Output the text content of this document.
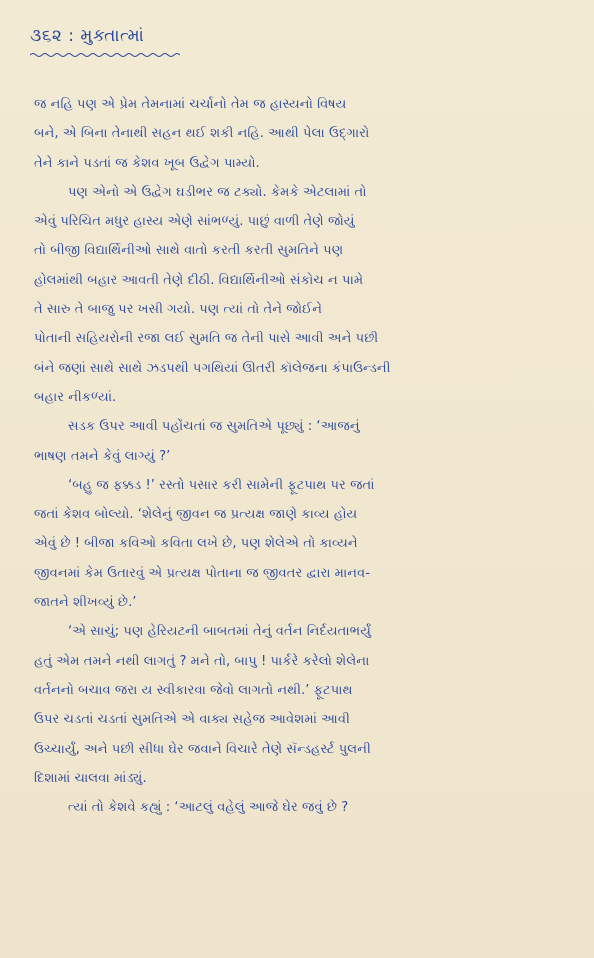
૩૬૨ : મુક્તાત્માં
જ નહિ પણ એ પ્રેમ તેમનામાં ચર્ચાનો તેમ જ હાસ્યનો વિષય
બને, એ બિના તેનાથી સહન થઈ શકી નહિ. આથી પેલા ઉદ્‌ગારો
તેને કાને પડતાં જ કેશવ ખૂબ ઉદ્વેગ પામ્યો.
પણ એનો એ ઉદ્વેગ ઘડીભર જ ટક્યો. કેમકે એટલામાં તો
એવું પરિચિત મધુર હાસ્ય એણે સાંભળ્યું. પાછું વાળી તેણે જોયું
તો બીજી વિદ્યાર્થિનીઓ સાથે વાતો કરતી કરતી સુમતિને પણ
હોલમાંથી બહાર આવતી તેણે દીઠી. વિદ્યાર્થિનીઓ સંકોચ ન પામે
તે સારુ તે બાજુ પર ખસી ગયો. પણ ત્યાં તો તેને જોઈને
પોતાની સહિયરોની રજા લઈ સુમતિ જ તેની પાસે આવી અને પછી
બંને જણાં સાથે સાથે ઝડપથી પગથિયાં ઊતરી કૉલેજના કંપાઉન્ડની
બહાર નીકળ્યાં.
સડક ઉપર આવી પહોંચતાં જ સુમતિએ પૂછ્યું : ‘આજનું
ભાષણ તમને કેવું લાગ્યું ?’
‘બહુ જ ફક્કડ !’ રસ્તો પસાર કરી સામેની ફૂટપાથ પર જતાં
જતાં કેશવ બોલ્યો. ‘શેલેનું જીવન જ પ્રત્યક્ષ જાણે કાવ્ય હોય
એવું છે ! બીજા કવિઓ કવિતા લખે છે, પણ શેલેએ તો કાવ્યને
જીવનમાં કેમ ઉતારવું એ પ્રત્યક્ષ પોતાના જ જીવતર દ્વારા માનવ-
જાતને શીખવ્યું છે.’
‘એ સાચું; પણ હેરિયટની બાબતમાં તેનું વર્તન નિર્દયતાભર્યું
હતું એમ તમને નથી લાગતું ? મને તો, બાપુ ! પાર્કરે કરેલો શેલેના
વર્તનનો બચાવ જરા ય સ્વીકારવા જેવો લાગતો નથી.’ ફૂટપાથ
ઉપર ચડતાં ચડતાં સુમતિએ એ વાક્ય સહેજ આવેશમાં આવી
ઉચ્ચાર્યું, અને પછી સીધા ઘેર જવાને વિચારે તેણે સૅન્ડહર્સ્ટ પુલની
દિશામાં ચાલવા માંડ્યું.
ત્યાં તો કેશવે કહ્યું : ‘આટલું વહેલું આજે ઘેર જવું છે ?
